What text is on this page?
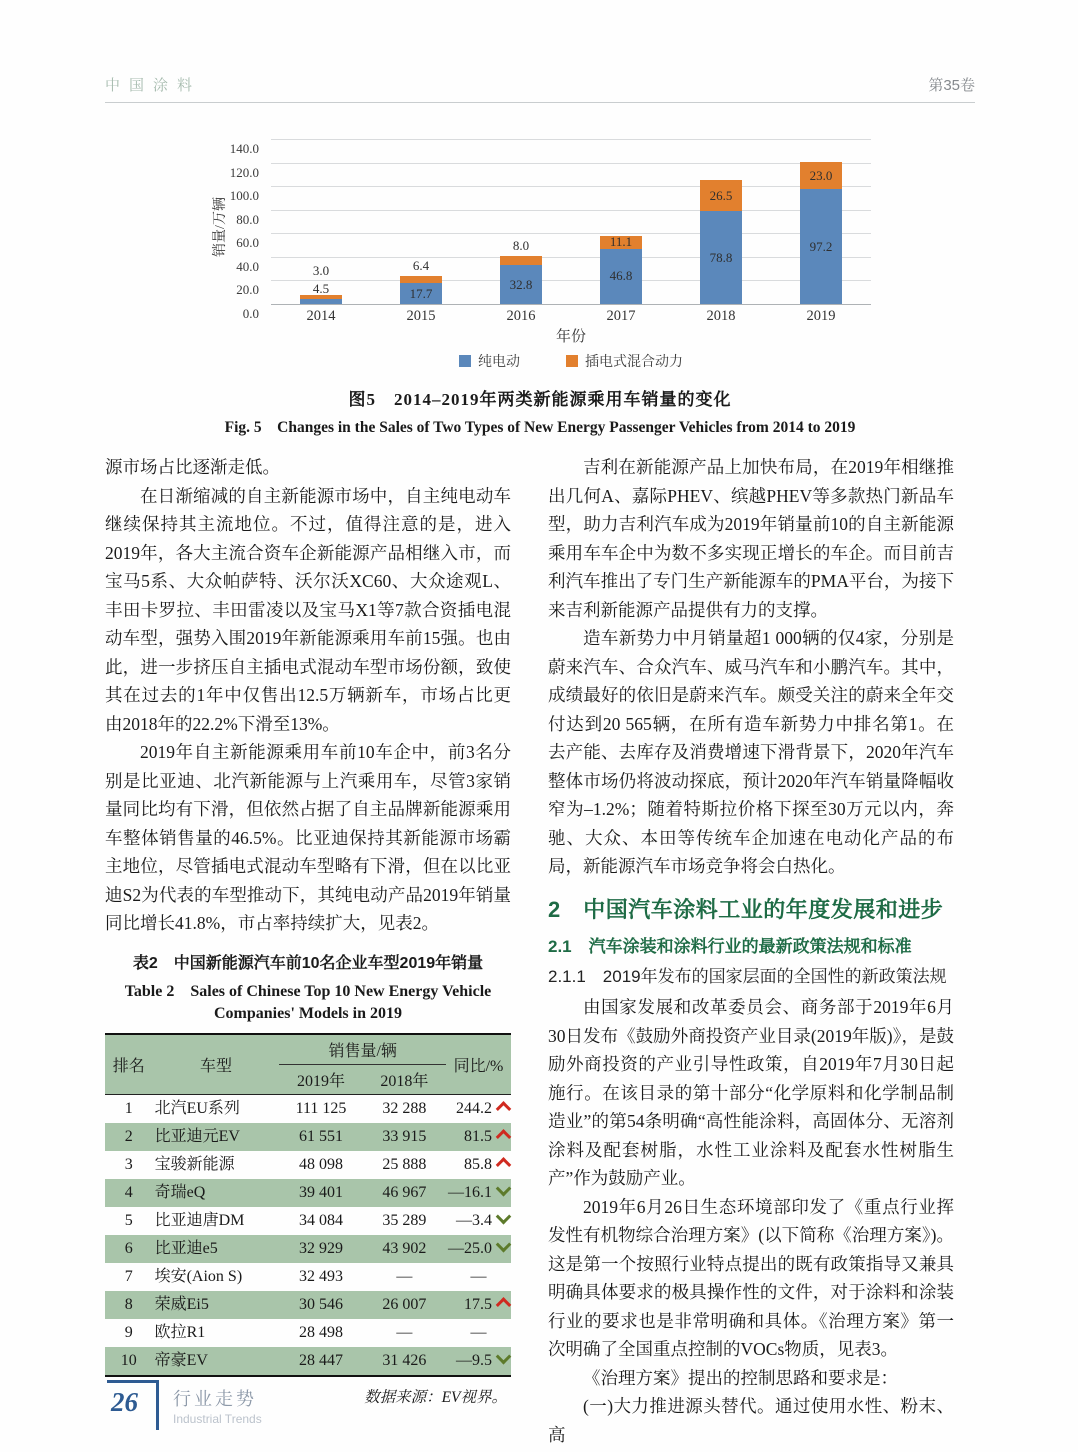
中国涂料	第35卷
销量/万辆
0.0
20.0
40.0
60.0
80.0
100.0
120.0
140.0
4.5
3.0
2014
17.7
6.4
2015
32.8
8.0
2016
46.8
11.1
2017
78.8
26.5
2018
97.2
23.0
2019
年份
纯电动	插电式混合动力
图5　2014–2019年两类新能源乘用车销量的变化
Fig. 5　Changes in the Sales of Two Types of New Energy Passenger Vehicles from 2014 to 2019
源市场占比逐渐走低。
在日渐缩减的自主新能源市场中，自主纯电动车继续保持其主流地位。不过，值得注意的是，进入2019年，各大主流合资车企新能源产品相继入市，而宝马5系、大众帕萨特、沃尔沃XC60、大众途观L、丰田卡罗拉、丰田雷凌以及宝马X1等7款合资插电混动车型，强势入围2019年新能源乘用车前15强。也由此，进一步挤压自主插电式混动车型市场份额，致使其在过去的1年中仅售出12.5万辆新车，市场占比更由2018年的22.2%下滑至13%。
2019年自主新能源乘用车前10车企中，前3名分别是比亚迪、北汽新能源与上汽乘用车，尽管3家销量同比均有下滑，但依然占据了自主品牌新能源乘用车整体销售量的46.5%。比亚迪保持其新能源市场霸主地位，尽管插电式混动车型略有下滑，但在以比亚迪S2为代表的车型推动下，其纯电动产品2019年销量同比增长41.8%，市占率持续扩大，见表2。
表2　中国新能源汽车前10名企业车型2019年销量
Table 2　Sales of Chinese Top 10 New Energy Vehicle Companies' Models in 2019
排名	车型	销售量/辆		同比/%
		2019年	2018年	
1	北汽EU系列	111 125	32 288	244.2
2	比亚迪元EV	61 551	33 915	81.5
3	宝骏新能源	48 098	25 888	85.8
4	奇瑞eQ	39 401	46 967	—16.1
5	比亚迪唐DM	34 084	35 289	—3.4
6	比亚迪e5	32 929	43 902	—25.0
7	埃安(Aion S)	32 493	—	—
8	荣威Ei5	30 546	26 007	17.5
9	欧拉R1	28 498	—	—
10	帝豪EV	28 447	31 426	—9.5
数据来源：EV视界。
吉利在新能源产品上加快布局，在2019年相继推出几何A、嘉际PHEV、缤越PHEV等多款热门新品车型，助力吉利汽车成为2019年销量前10的自主新能源乘用车车企中为数不多实现正增长的车企。而目前吉利汽车推出了专门生产新能源车的PMA平台，为接下来吉利新能源产品提供有力的支撑。
造车新势力中月销量超1 000辆的仅4家，分别是蔚来汽车、合众汽车、威马汽车和小鹏汽车。其中，成绩最好的依旧是蔚来汽车。颇受关注的蔚来全年交付达到20 565辆，在所有造车新势力中排名第1。在去产能、去库存及消费增速下滑背景下，2020年汽车整体市场仍将波动探底，预计2020年汽车销量降幅收窄为–1.2%；随着特斯拉价格下探至30万元以内，奔驰、大众、本田等传统车企加速在电动化产品的布局，新能源汽车市场竞争将会白热化。
2　中国汽车涂料工业的年度发展和进步
2.1　汽车涂装和涂料行业的最新政策法规和标准
2.1.1　2019年发布的国家层面的全国性的新政策法规
由国家发展和改革委员会、商务部于2019年6月30日发布《鼓励外商投资产业目录(2019年版)》，是鼓励外商投资的产业引导性政策，自2019年7月30日起施行。在该目录的第十部分“化学原料和化学制品制造业”的第54条明确“高性能涂料，高固体分、无溶剂涂料及配套树脂，水性工业涂料及配套水性树脂生产”作为鼓励产业。
2019年6月26日生态环境部印发了《重点行业挥发性有机物综合治理方案》(以下简称《治理方案》)。这是第一个按照行业特点提出的既有政策指导又兼具明确具体要求的极具操作性的文件，对于涂料和涂装行业的要求也是非常明确和具体。《治理方案》第一次明确了全国重点控制的VOCs物质，见表3。
《治理方案》提出的控制思路和要求是：
(一)大力推进源头替代。通过使用水性、粉末、高
26	行业走势
Industrial Trends
